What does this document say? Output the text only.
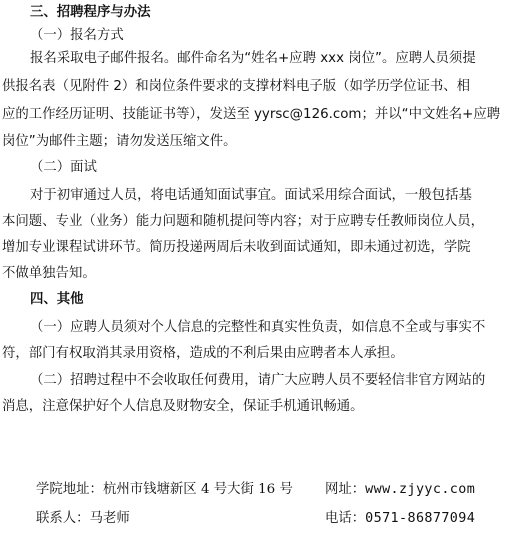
三、招聘程序与办法
（一）报名方式
报名采取电子邮件报名。邮件命名为“姓名+应聘 xxx 岗位”。应聘人员须提
供报名表（见附件 2）和岗位条件要求的支撑材料电子版（如学历学位证书、相
应的工作经历证明、技能证书等），发送至 yyrsc@126.com；并以“中文姓名+应聘
岗位”为邮件主题；请勿发送压缩文件。
（二）面试
对于初审通过人员，将电话通知面试事宜。面试采用综合面试，一般包括基
本问题、专业（业务）能力问题和随机提问等内容；对于应聘专任教师岗位人员，
增加专业课程试讲环节。简历投递两周后未收到面试通知，即未通过初选，学院
不做单独告知。
四、其他
（一）应聘人员须对个人信息的完整性和真实性负责，如信息不全或与事实不
符，部门有权取消其录用资格，造成的不利后果由应聘者本人承担。
（二）招聘过程中不会收取任何费用，请广大应聘人员不要轻信非官方网站的
消息，注意保护好个人信息及财物安全，保证手机通讯畅通。
学院地址：杭州市钱塘新区 4 号大街 16 号 网址：www.zjyyc.com
联系人：马老师	电话：0571-86877094
